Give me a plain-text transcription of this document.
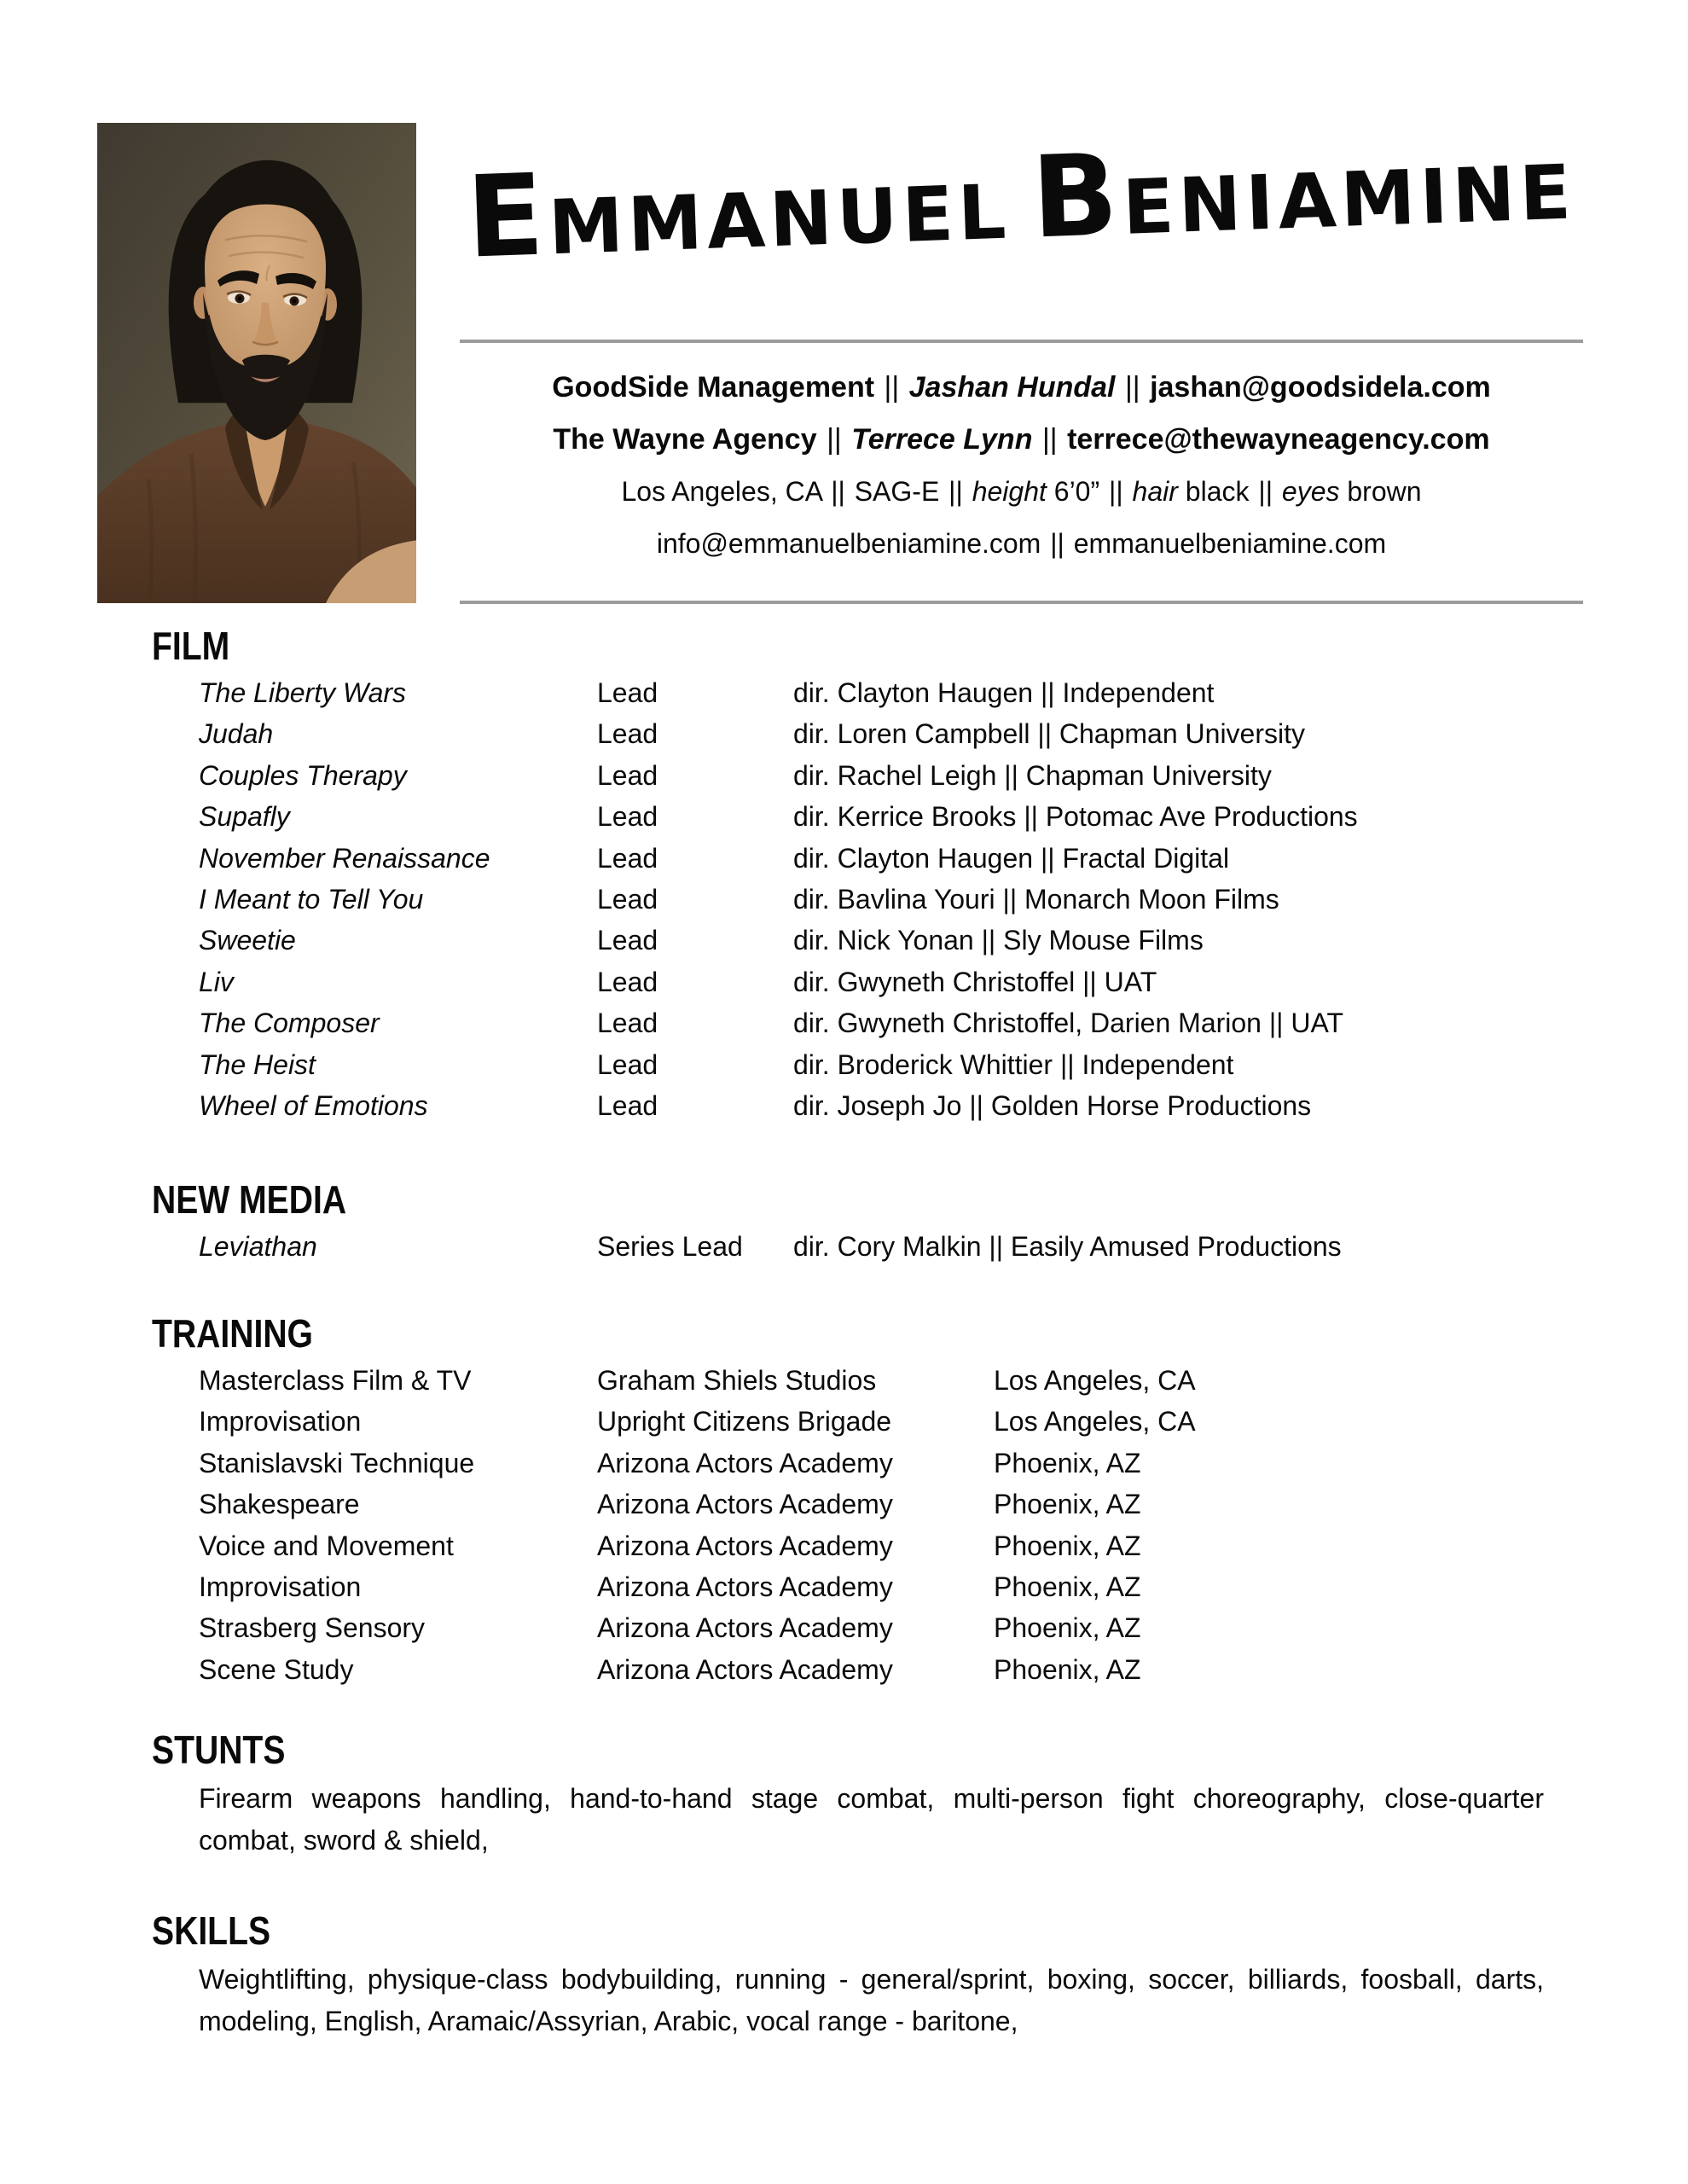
EMMANUEL BENIAMINE
GoodSide Management || Jashan Hundal || jashan@goodsidela.com
The Wayne Agency || Terrece Lynn || terrece@thewayneagency.com
Los Angeles, CA || SAG-E || height 6’0” || hair black || eyes brown
info@emmanuelbeniamine.com || emmanuelbeniamine.com
FILM
The Liberty Wars	Lead	dir. Clayton Haugen || Independent
Judah	Lead	dir. Loren Campbell || Chapman University
Couples Therapy	Lead	dir. Rachel Leigh || Chapman University
Supafly	Lead	dir. Kerrice Brooks || Potomac Ave Productions
November Renaissance	Lead	dir. Clayton Haugen || Fractal Digital
I Meant to Tell You	Lead	dir. Bavlina Youri || Monarch Moon Films
Sweetie	Lead	dir. Nick Yonan || Sly Mouse Films
Liv	Lead	dir. Gwyneth Christoffel || UAT
The Composer	Lead	dir. Gwyneth Christoffel, Darien Marion || UAT
The Heist	Lead	dir. Broderick Whittier || Independent
Wheel of Emotions	Lead	dir. Joseph Jo || Golden Horse Productions
NEW MEDIA
Leviathan	Series Lead	dir. Cory Malkin || Easily Amused Productions
TRAINING
Masterclass Film & TV	Graham Shiels Studios	Los Angeles, CA
Improvisation	Upright Citizens Brigade	Los Angeles, CA
Stanislavski Technique	Arizona Actors Academy	Phoenix, AZ
Shakespeare	Arizona Actors Academy	Phoenix, AZ
Voice and Movement	Arizona Actors Academy	Phoenix, AZ
Improvisation	Arizona Actors Academy	Phoenix, AZ
Strasberg Sensory	Arizona Actors Academy	Phoenix, AZ
Scene Study	Arizona Actors Academy	Phoenix, AZ
STUNTS

Firearm weapons handling, hand-to-hand stage combat, multi-person fight choreography, close-quarter combat, sword & shield,

SKILLS

Weightlifting, physique-class bodybuilding, running - general/sprint, boxing, soccer, billiards, foosball, darts, modeling, English, Aramaic/Assyrian, Arabic, vocal range - baritone,
